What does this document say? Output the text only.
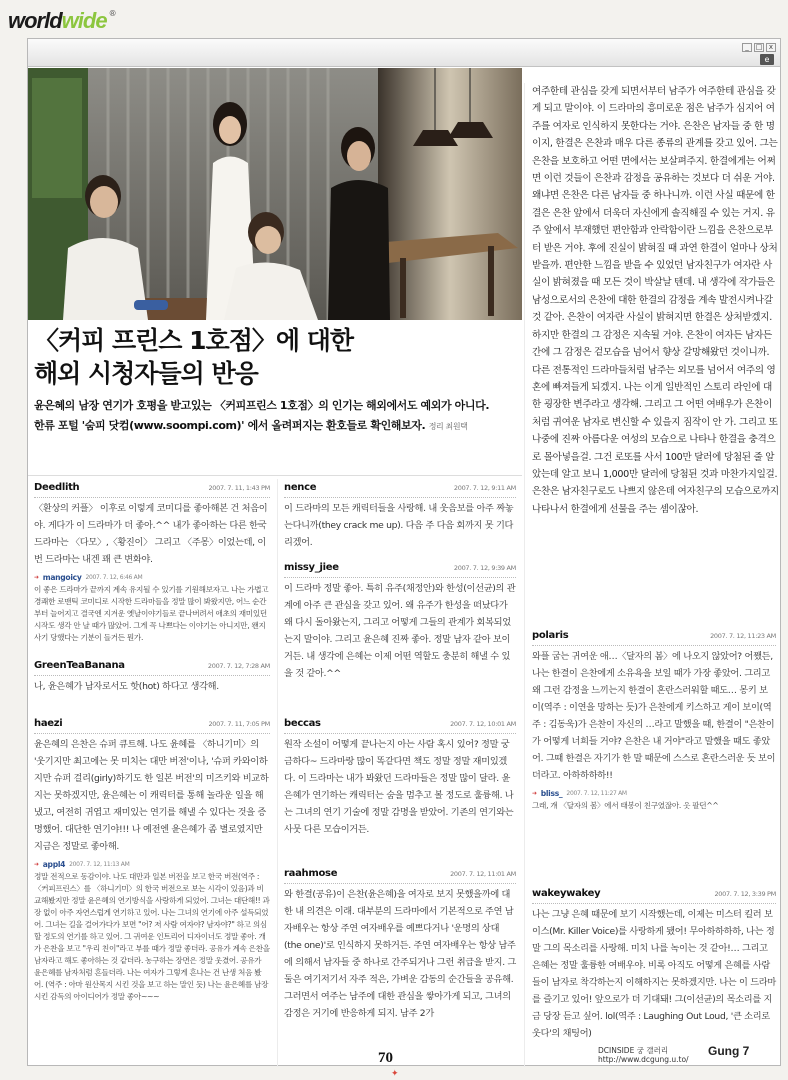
world wide ®
_ □ x
e
〈커피 프린스 1호점〉에 대한
해외 시청자들의 반응
윤은혜의 남장 연기가 호평을 받고있는 〈커피프린스 1호점〉의 인기는 해외에서도 예외가 아니다.
한류 포털 '숨피 닷컴(www.soompi.com)' 에서 올려퍼지는 환호들로 확인해보자. 정리 최원택
Deedlith	2007. 7. 11, 1:43 PM
〈환상의 커플〉 이후로 이렇게 코미디를 좋아해본 건 처음이야. 게다가 이 드라마가 더 좋아.^^ 내가 좋아하는 다른 한국 드라마는 〈다모〉,〈황진이〉 그리고 〈주몽〉이었는데, 이번 드라마는 내겐 꽤 큰 변화야.
➜ mangoicy 2007. 7. 12, 6:46 AM
이 좋은 드라마가 끝까지 계속 유지될 수 있기를 기원해보자고. 나는 가볍고 경쾌한 로맨틱 코미디로 시작한 드라마들을 정말 많이 봐왔지만, 어느 순간부터 늘어지고 결국엔 지겨운 옛날이야기들로 끝나버려서 애초의 재미있던 시작도 생각 안 날 때가 많았어. 그게 꼭 나쁘다는 이야기는 아니지만, 왠지 사기 당했다는 기분이 들거든 뭔가.
GreenTeaBanana	2007. 7. 12, 7:28 AM
나, 윤은혜가 남자로서도 핫(hot) 하다고 생각해.
haezi	2007. 7. 11, 7:05 PM
윤은혜의 은찬은 슈퍼 큐트해. 나도 윤혜를 〈하니기미〉의 '웃기지만 최고에는 못 미치는 대만 버전'이나, '슈퍼 카와이하지만 슈퍼 걸리(girly)하기도 한 일본 버전'의 미즈키와 비교하지는 못하겠지만, 윤은혜는 이 캐릭터를 통해 놀라운 일을 해냈고, 여전히 귀엽고 재미있는 연기를 해낼 수 있다는 것을 증명했어. 대단한 연기야!!! 나 예전엔 윤은혜가 좀 별로였지만 지금은 정말로 좋아해.
➜ appl4 2007. 7. 12, 11:13 AM
정말 전적으로 동감이야. 나도 대만과 일본 버전을 보고 한국 버전(역주 : 〈커피프린스〉를 〈하니기미〉의 한국 버전으로 보는 시각이 있음)과 비교해봤지만 정말 윤은혜의 연기방식을 사랑하게 되었어. 그녀는 대단해!! 과장 없이 아주 자연스럽게 연기하고 있어. 나는 그녀의 연기에 아주 설득되었어. 그녀는 길을 걸어가다가 보면 "어? 저 사람 여자야? 남자야?" 하고 의심할 정도의 연기를 하고 있어. 그 귀여운 인트리어 디자이너도 정말 좋아. 개가 은찬을 보고 "우리 친이"라고 부를 때가 정말 좋더라. 공유가 계속 은찬을 남자라고 해도 좋아하는 것 같더라. 농구하는 장면은 정말 웃겼어. 공유가 윤은혜를 남자처럼 흔들더라. 나는 여자가 그렇게 흔나는 건 난생 처음 봤어. (역주 : 아마 원산목지 시킨 것을 보고 하는 말인 듯) 나는 윤은혜를 남장시킨 감독의 아이디어가 정말 좋아~~~
nence	2007. 7. 12, 9:11 AM
이 드라마의 모든 캐릭터들을 사랑해. 내 웃음보를 아주 짜놓는다니까(they crack me up). 다음 주 다음 회까지 못 기다리겠어.
missy_jiee	2007. 7. 12, 9:39 AM
이 드라마 정말 좋아. 특히 유주(채정안)와 한성(이선균)의 관계에 아주 큰 관심을 갖고 있어. 왜 유주가 한성을 떠났다가 왜 다시 돌아왔는지, 그리고 어떻게 그들의 관계가 회복되었는지 말이야. 그리고 윤은혜 진짜 좋아. 정말 남자 같아 보이거든. 내 생각에 은혜는 이제 어떤 역할도 충분히 해낼 수 있을 것 같아.^^
beccas	2007. 7. 12, 10:01 AM
원작 소설이 어떻게 끝나는지 아는 사람 혹시 있어? 정말 궁금하다~ 드라마랑 많이 똑같다면 책도 정말 정말 재미있겠다. 이 드라마는 내가 봐왔던 드라마들은 정말 많이 달라. 윤은혜가 연기하는 캐릭터는 숨을 멈추고 볼 정도로 훌륭해. 나는 그녀의 연기 기술에 정말 감명을 받았어. 기존의 연기와는 사뭇 다른 모습이거든.
raahmose	2007. 7. 12, 11:01 AM
와 한결(공유)이 은찬(윤은혜)을 여자로 보지 못했을까에 대한 내 의견은 이래. 대부분의 드라마에서 기본적으로 주연 남자배우는 항상 주연 여자배우를 예쁘다거나 '운명의 상대(the one)'로 인식하지 못하거든. 주연 여자배우는 항상 남주에 의해서 남자들 중 하나로 간주되거나 그런 취급을 받지. 그 둘은 여기저기서 자주 적은, 가벼운 감동의 순간들을 공유해. 그러면서 여주는 남주에 대한 관심을 쌓아가게 되고, 그녀의 감정은 거기에 반응하게 되지. 남주 2가
여주한테 관심을 갖게 되면서부터 남주가 여주한테 관심을 갖게 되고 말이야. 이 드라마의 흥미로운 점은 남주가 심지어 여주를 여자로 인식하지 못한다는 거야. 은찬은 남자들 중 한 명이지, 한결은 은찬과 매우 다른 종류의 관계를 갖고 있어. 그는 은찬을 보호하고 어떤 면에서는 보살펴주지. 한결에게는 어쩌면 이런 것들이 은찬과 감정을 공유하는 것보다 더 쉬운 거야. 왜냐면 은찬은 다른 남자들 중 하나니까. 이런 사실 때문에 한결은 은찬 앞에서 더욱더 자신에게 솔직해질 수 있는 거지. 유주 앞에서 부재했던 편안함과 안락함이란 느낌을 은찬으로부터 받은 거야. 후에 진실이 밝혀질 때 과연 한결이 얼마나 상처받을까. 편안한 느낌을 받을 수 있었던 남자친구가 여자란 사실이 밝혀졌을 때 모든 것이 박살날 텐데. 내 생각에 작가들은 남성으로서의 은찬에 대한 한결의 감정을 계속 발전시켜나갈 것 같아. 은찬이 여자란 사실이 밝혀지면 한결은 상처받겠지. 하지만 한결의 그 감정은 지속될 거야. 은찬이 여자든 남자든 간에 그 감정은 겉모습을 넘어서 향상 갈망해왔던 것이니까. 다른 전통적인 드라마들처럼 남주는 외모를 넘어서 여주의 영혼에 빠져들게 되겠지. 나는 이게 일반적인 스토리 라인에 대한 굉장한 변주라고 생각해. 그리고 그 어떤 여배우가 은찬이처럼 귀여운 남자로 변신할 수 있을지 짐작이 안 가. 그리고 또 나중에 진짜 아름다운 여성의 모습으로 나타나 한결을 충격으로 몰아넣을걸. 그건 로또를 사서 100만 달러에 당첨된 줄 알았는데 알고 보니 1,000만 달러에 당첨된 것과 마찬가지일걸. 은찬은 남자친구로도 나쁘지 않은데 여자친구의 모습으로까지 나타나서 한결에게 선물을 주는 셈이잖아.
polaris	2007. 7. 12, 11:23 AM
와플 굽는 귀여운 애…〈달자의 봄〉에 나오지 않았어? 어쨌든, 나는 한결이 은찬에게 소유욕을 보일 때가 가장 좋았어. 그리고 왜 그런 감정을 느끼는지 한결이 혼란스러워할 때도… 몽키 보이(역주 : 이연을 망하는 듯)가 은찬에게 키스하고 게이 보이(역주 : 김동욱)가 은찬이 자신의 …라고 말했을 때, 한결이 "은찬이가 어떻게 너희들 거야? 은찬은 내 거야"라고 말했을 때도 좋았어. 그때 한결은 자기가 한 말 때문에 스스로 혼란스러운 듯 보이더라고. 아하하하하!!
➜ bliss_ 2007. 7. 12, 11:27 AM
그래, 걔 〈달자의 봄〉에서 태봉이 친구였잖아. 옷 팔던^^
wakeywakey	2007. 7. 12, 3:39 PM
나는 그냥 은혜 때문에 보기 시작했는데, 이제는 미스터 킬러 보이스(Mr. Killer Voice)를 사랑하게 됐어! 무아하하하하, 나는 정말 그의 목소리를 사랑해. 미치 나를 녹이는 것 같아!… 그리고 은혜는 정말 훌륭한 여배우야. 비록 아직도 어떻게 은혜를 사람들이 남자로 착각하는지 이해하지는 못하겠지만. 나는 이 드라마를 즐기고 있어! 앞으로가 더 기대돼! 그(이선균)의 목소리를 지금 당장 듣고 싶어. lol(역주 : Laughing Out Loud, '큰 소리로 웃다'의 채팅어)
70
✦
DCINSIDE 궁 갤러리
http://www.dcgung.u.to/
Gung 7
